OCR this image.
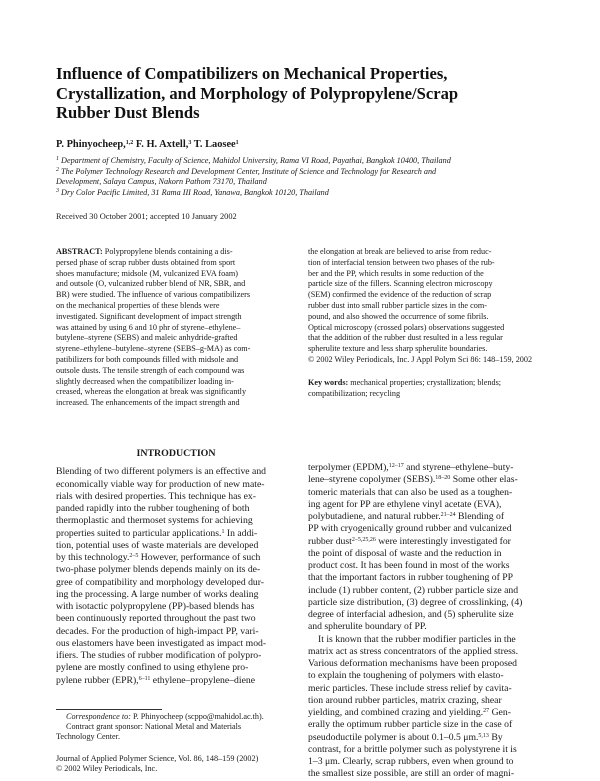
Influence of Compatibilizers on Mechanical Properties,
Crystallization, and Morphology of Polypropylene/Scrap
Rubber Dust Blends
P. Phinyocheep,$^{1,2}$ F. H. Axtell,$^3$ T. Laosee$^1$
$^1$ Department of Chemistry, Faculty of Science, Mahidol University, Rama VI Road, Payathai, Bangkok 10400, Thailand
$^2$ The Polymer Technology Research and Development Center, Institute of Science and Technology for Research and
Development, Salaya Campus, Nakorn Pathom 73170, Thailand
$^3$ Dry Color Pacific Limited, 31 Rama III Road, Yanawa, Bangkok 10120, Thailand
Received 30 October 2001; accepted 10 January 2002
ABSTRACT: Polypropylene blends containing a dis-
persed phase of scrap rubber dusts obtained from sport
shoes manufacture; midsole (M, vulcanized EVA foam)
and outsole (O, vulcanized rubber blend of NR, SBR, and
BR) were studied. The influence of various compatibilizers
on the mechanical properties of these blends were
investigated. Significant development of impact strength
was attained by using 6 and 10 phr of styrene–ethylene–
butylene–styrene (SEBS) and maleic anhydride-grafted
styrene–ethylene–butylene–styrene (SEBS–g-MA) as com-
patibilizers for both compounds filled with midsole and
outsole dusts. The tensile strength of each compound was
slightly decreased when the compatibilizer loading in-
creased, whereas the elongation at break was significantly
increased. The enhancements of the impact strength and
the elongation at break are believed to arise from reduc-
tion of interfacial tension between two phases of the rub-
ber and the PP, which results in some reduction of the
particle size of the fillers. Scanning electron microscopy
(SEM) confirmed the evidence of the reduction of scrap
rubber dust into small rubber particle sizes in the com-
pound, and also showed the occurrence of some fibrils.
Optical microscopy (crossed polars) observations suggested
that the addition of the rubber dust resulted in a less regular
spherulite texture and less sharp spherulite boundaries.
© 2002 Wiley Periodicals, Inc. J Appl Polym Sci 86: 148–159, 2002
Key words: mechanical properties; crystallization; blends;
compatibilization; recycling
INTRODUCTION
Blending of two different polymers is an effective and
economically viable way for production of new mate-
rials with desired properties. This technique has ex-
panded rapidly into the rubber toughening of both
thermoplastic and thermoset systems for achieving
properties suited to particular applications.$^1$ In addi-
tion, potential uses of waste materials are developed
by this technology.$^{2-5}$ However, performance of such
two-phase polymer blends depends mainly on its de-
gree of compatibility and morphology developed dur-
ing the processing. A large number of works dealing
with isotactic polypropylene (PP)-based blends has
been continuously reported throughout the past two
decades. For the production of high-impact PP, vari-
ous elastomers have been investigated as impact mod-
ifiers. The studies of rubber modification of polypro-
pylene are mostly confined to using ethylene pro-
pylene rubber (EPR),$^{6-11}$ ethylene–propylene–diene
terpolymer (EPDM),$^{12-17}$ and styrene–ethylene–buty-
lene–styrene copolymer (SEBS).$^{18-20}$ Some other elas-
tomeric materials that can also be used as a toughen-
ing agent for PP are ethylene vinyl acetate (EVA),
polybutadiene, and natural rubber.$^{21-24}$ Blending of
PP with cryogenically ground rubber and vulcanized
rubber dust$^{2-5,25,26}$ were interestingly investigated for
the point of disposal of waste and the reduction in
product cost. It has been found in most of the works
that the important factors in rubber toughening of PP
include (1) rubber content, (2) rubber particle size and
particle size distribution, (3) degree of crosslinking, (4)
degree of interfacial adhesion, and (5) spherulite size
and spherulite boundary of PP.
It is known that the rubber modifier particles in the
matrix act as stress concentrators of the applied stress.
Various deformation mechanisms have been proposed
to explain the toughening of polymers with elasto-
meric particles. These include stress relief by cavita-
tion around rubber particles, matrix crazing, shear
yielding, and combined crazing and yielding.$^{27}$ Gen-
erally the optimum rubber particle size in the case of
pseudoductile polymer is about 0.1–0.5 μm.$^{5,13}$ By
contrast, for a brittle polymer such as polystyrene it is
1–3 μm. Clearly, scrap rubbers, even when ground to
the smallest size possible, are still an order of magni-
Correspondence to: P. Phinyocheep (scppo@mahidol.ac.th).
Contract grant sponsor: National Metal and Materials
Technology Center.
Journal of Applied Polymer Science, Vol. 86, 148–159 (2002)
© 2002 Wiley Periodicals, Inc.
